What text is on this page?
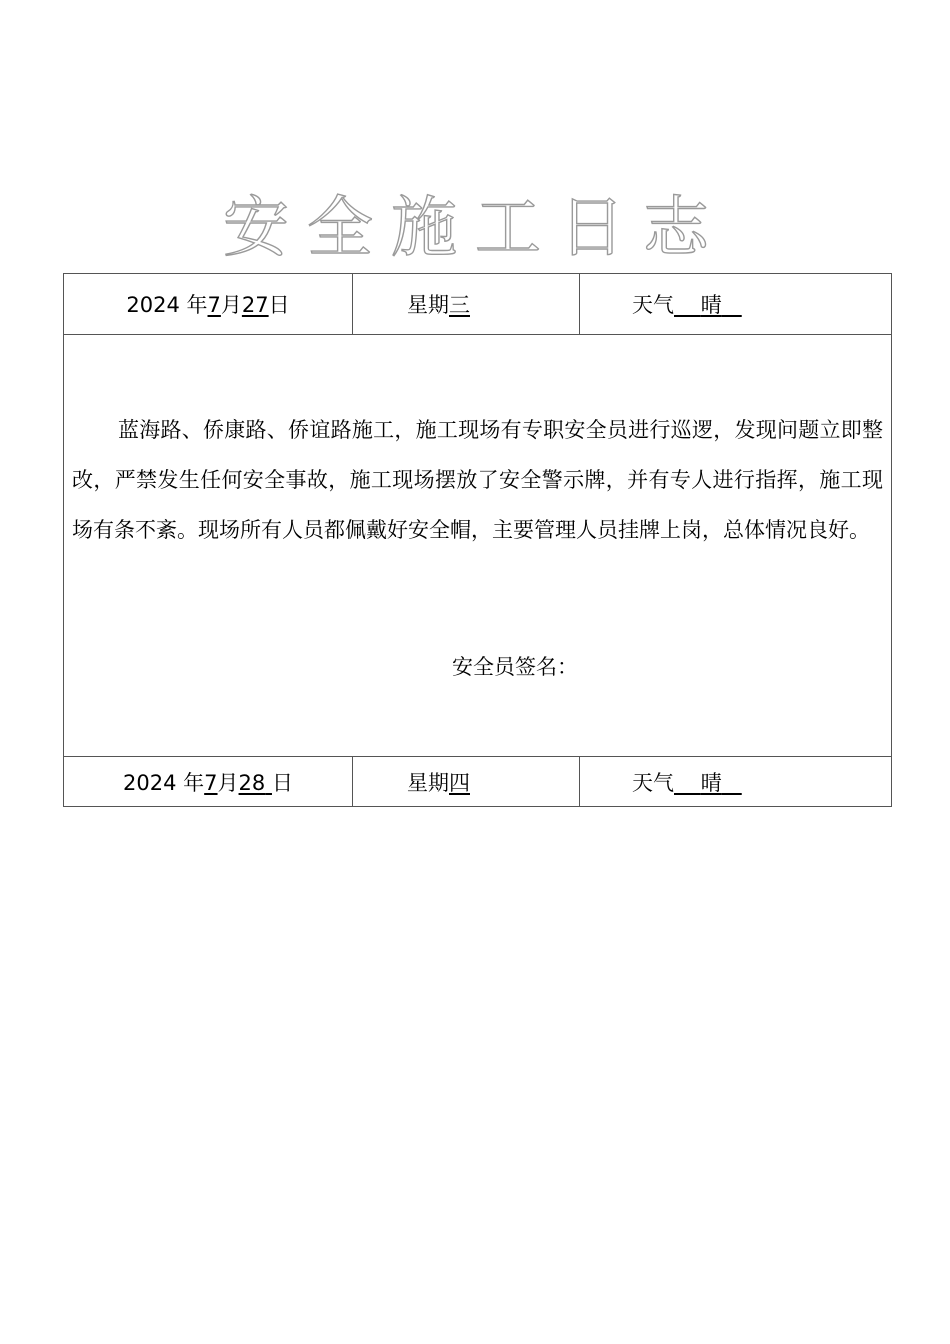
安全施工日志
2024 年7月27日	星期三	天气 晴

蓝海路、侨康路、侨谊路施工，施工现场有专职安全员进行巡逻，发现问题立即整改，严禁发生任何安全事故，施工现场摆放了安全警示牌，并有专人进行指挥，施工现场有条不紊。现场所有人员都佩戴好安全帽，主要管理人员挂牌上岗，总体情况良好。
安全员签名：		

2024 年7月28 日	星期四	天气 晴
